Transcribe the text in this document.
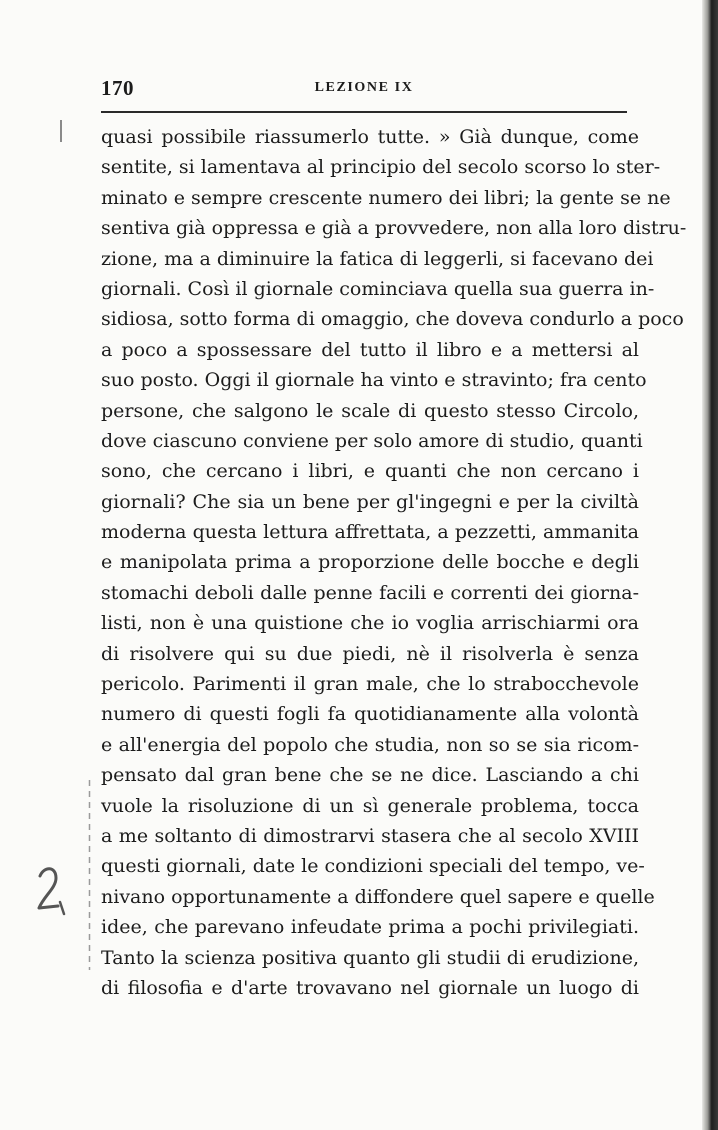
170	LEZIONE IX
quasi possibile riassumerlo tutte. » Già dunque, come
sentite, si lamentava al principio del secolo scorso lo ster-
minato e sempre crescente numero dei libri; la gente se ne
sentiva già oppressa e già a provvedere, non alla loro distru-
zione, ma a diminuire la fatica di leggerli, si facevano dei
giornali. Così il giornale cominciava quella sua guerra in-
sidiosa, sotto forma di omaggio, che doveva condurlo a poco
a poco a spossessare del tutto il libro e a mettersi al
suo posto. Oggi il giornale ha vinto e stravinto; fra cento
persone, che salgono le scale di questo stesso Circolo,
dove ciascuno conviene per solo amore di studio, quanti
sono, che cercano i libri, e quanti che non cercano i
giornali? Che sia un bene per gl'ingegni e per la civiltà
moderna questa lettura affrettata, a pezzetti, ammanita
e manipolata prima a proporzione delle bocche e degli
stomachi deboli dalle penne facili e correnti dei giorna-
listi, non è una quistione che io voglia arrischiarmi ora
di risolvere qui su due piedi, nè il risolverla è senza
pericolo. Parimenti il gran male, che lo strabocchevole
numero di questi fogli fa quotidianamente alla volontà
e all'energia del popolo che studia, non so se sia ricom-
pensato dal gran bene che se ne dice. Lasciando a chi
vuole la risoluzione di un sì generale problema, tocca
a me soltanto di dimostrarvi stasera che al secolo XVIII
questi giornali, date le condizioni speciali del tempo, ve-
nivano opportunamente a diffondere quel sapere e quelle
idee, che parevano infeudate prima a pochi privilegiati.
Tanto la scienza positiva quanto gli studii di erudizione,
di filosofia e d'arte trovavano nel giornale un luogo di
